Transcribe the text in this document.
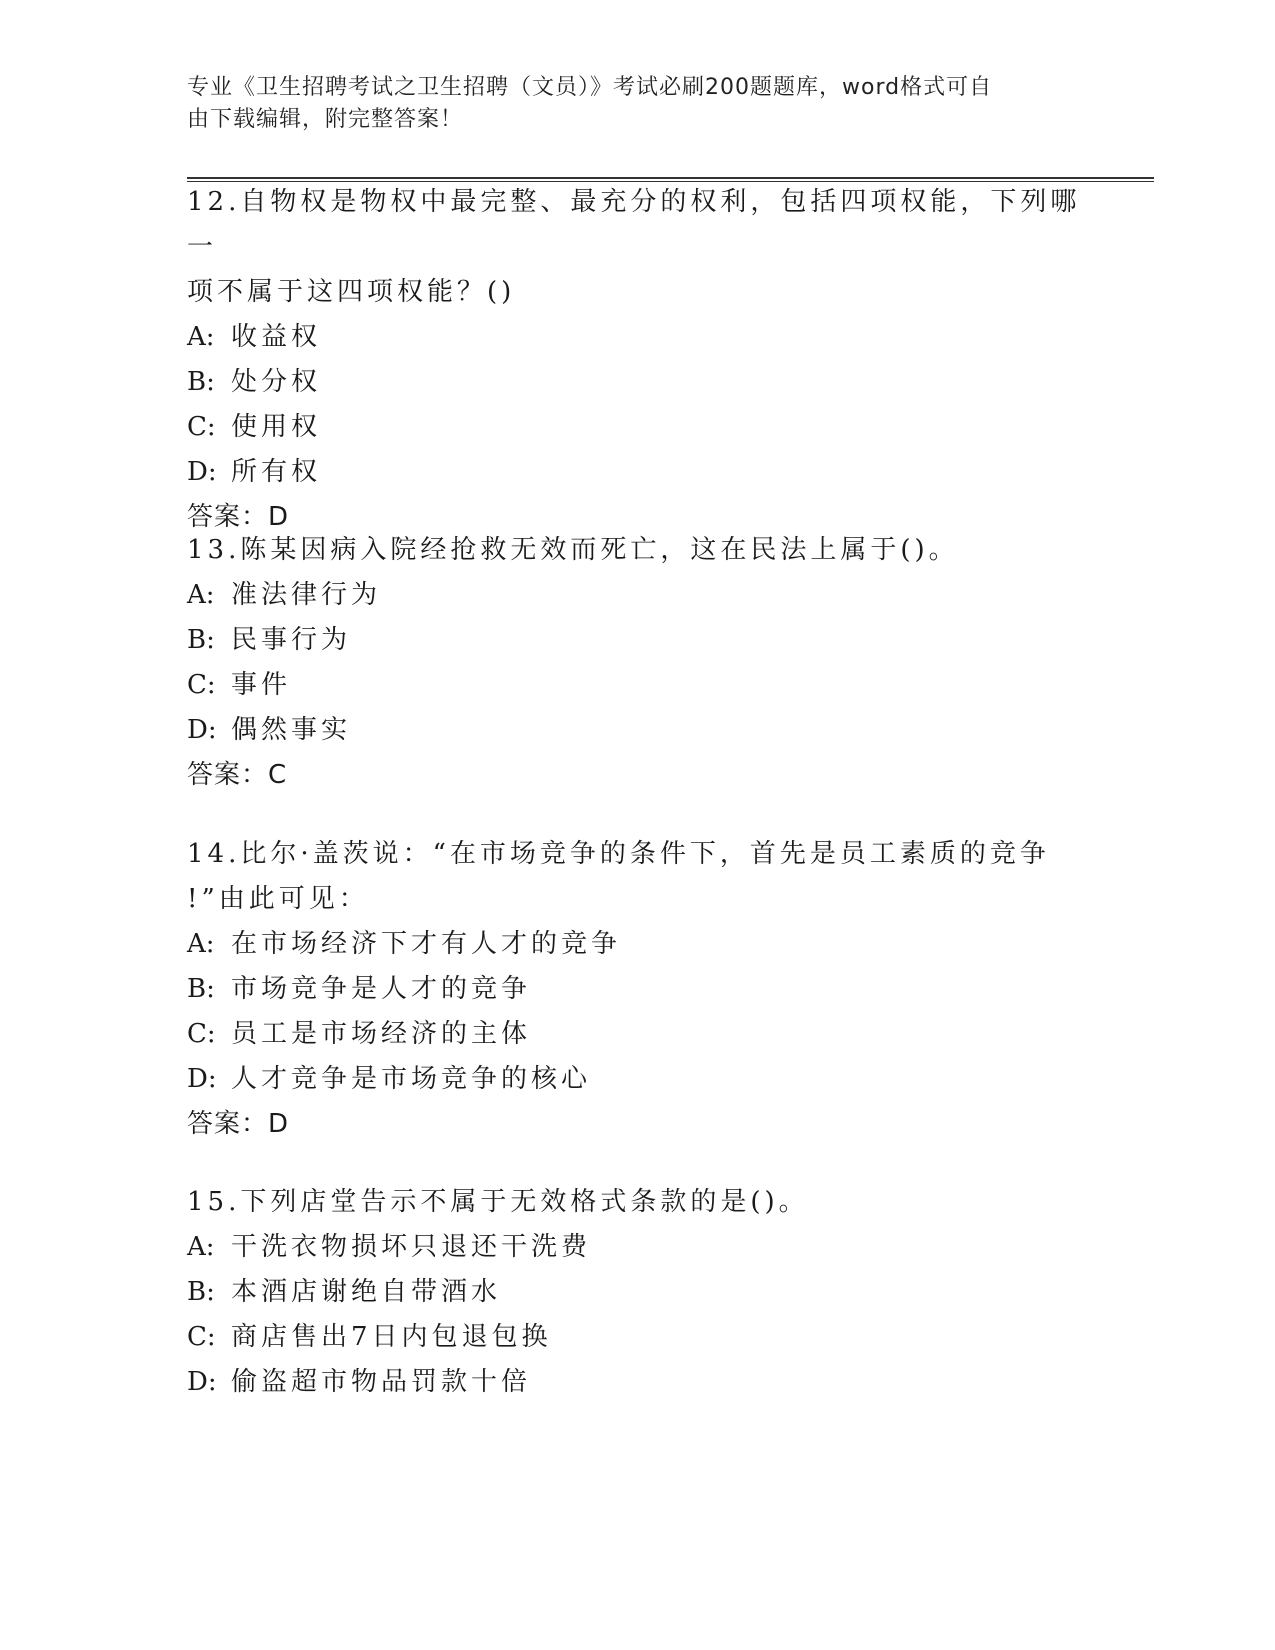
专业《卫生招聘考试之卫生招聘（文员）》考试必刷200题题库，word格式可自
由下载编辑，附完整答案！

12.自物权是物权中最完整、最充分的权利，包括四项权能，下列哪一

项不属于这四项权能？()

A: 收益权

B: 处分权

C: 使用权

D: 所有权

答案：D

13.陈某因病入院经抢救无效而死亡，这在民法上属于()。

A: 准法律行为

B: 民事行为

C: 事件

D: 偶然事实

答案：C

14.比尔·盖茨说：“在市场竞争的条件下，首先是员工素质的竞争

!”由此可见：

A: 在市场经济下才有人才的竞争

B: 市场竞争是人才的竞争

C: 员工是市场经济的主体

D: 人才竞争是市场竞争的核心

答案：D

15.下列店堂告示不属于无效格式条款的是()。

A: 干洗衣物损坏只退还干洗费

B: 本酒店谢绝自带酒水

C: 商店售出7日内包退包换

D: 偷盗超市物品罚款十倍
